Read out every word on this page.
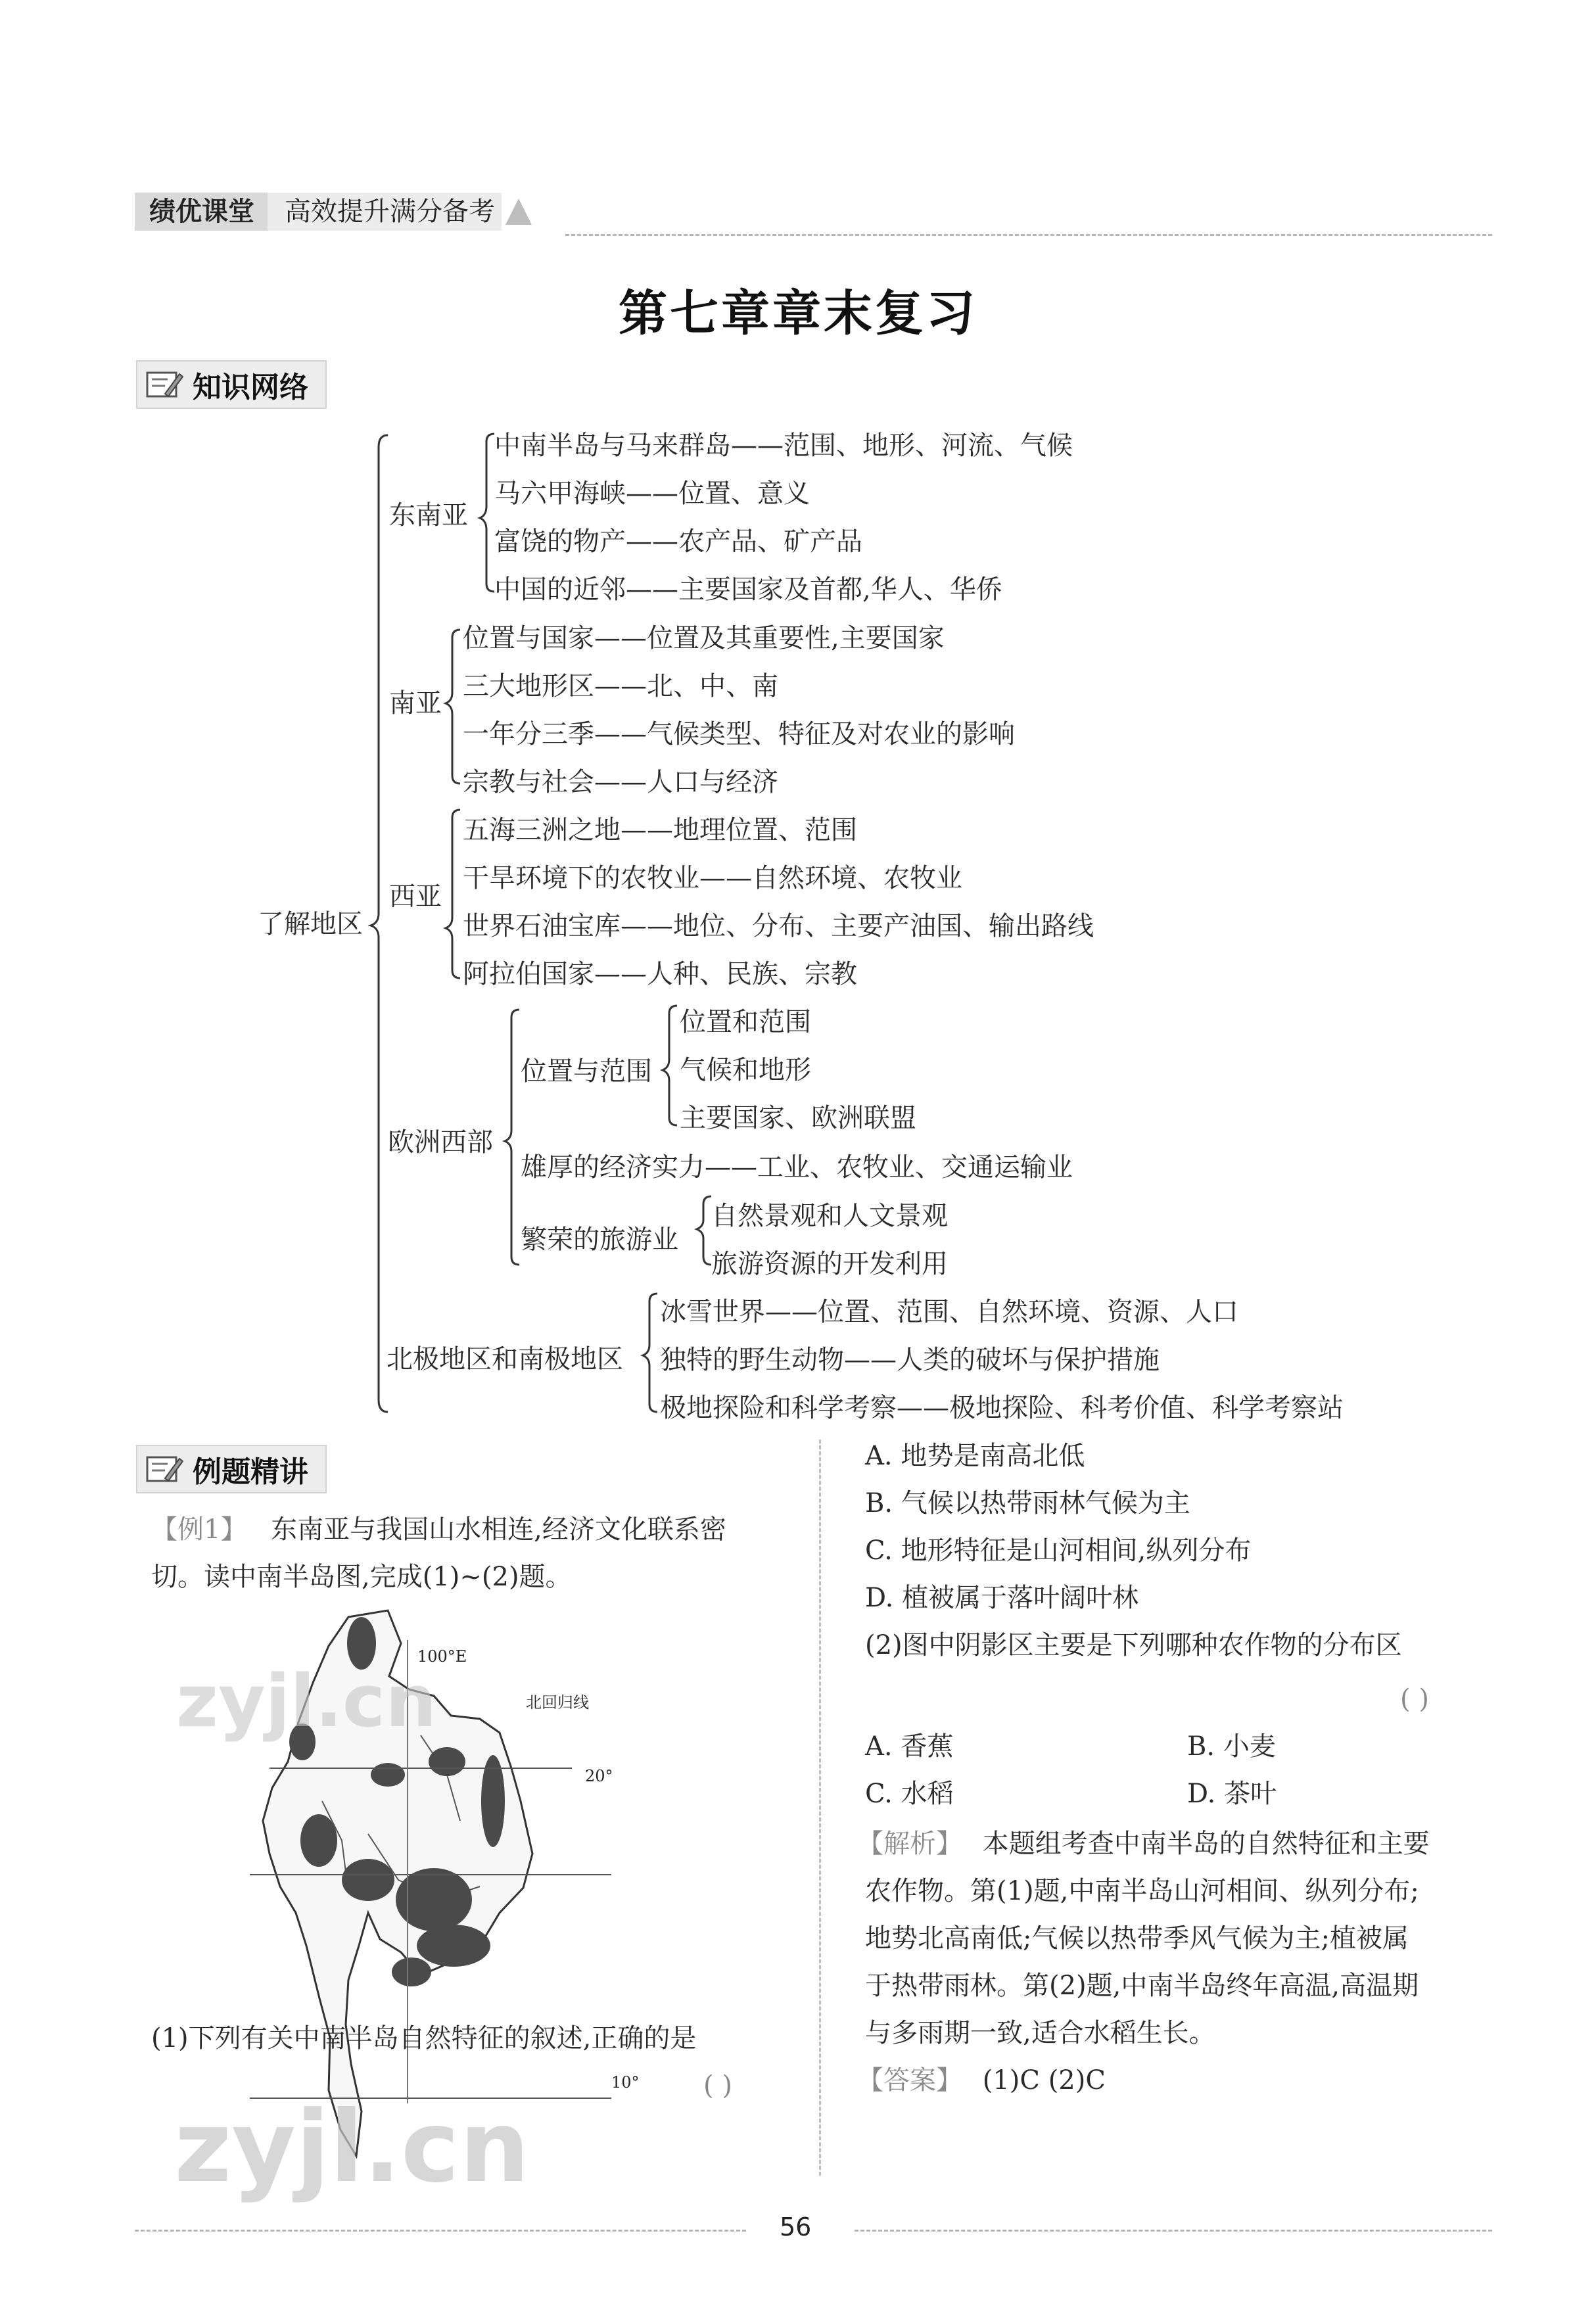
绩优课堂	高效提升满分备考
第七章章末复习
知识网络
了解地区
东南亚
中南半岛与马来群岛——范围、地形、河流、气候
马六甲海峡——位置、意义
富饶的物产——农产品、矿产品
中国的近邻——主要国家及首都,华人、华侨
南亚
位置与国家——位置及其重要性,主要国家
三大地形区——北、中、南
一年分三季——气候类型、特征及对农业的影响
宗教与社会——人口与经济
西亚
五海三洲之地——地理位置、范围
干旱环境下的农牧业——自然环境、农牧业
世界石油宝库——地位、分布、主要产油国、输出路线
阿拉伯国家——人种、民族、宗教
欧洲西部
位置与范围
位置和范围
气候和地形
主要国家、欧洲联盟
雄厚的经济实力——工业、农牧业、交通运输业
繁荣的旅游业
自然景观和人文景观
旅游资源的开发利用
北极地区和南极地区
冰雪世界——位置、范围、自然环境、资源、人口
独特的野生动物——人类的破坏与保护措施
极地探险和科学考察——极地探险、科考价值、科学考察站
例题精讲
【例1】 东南亚与我国山水相连,经济文化联系密
切。读中南半岛图,完成(1)~(2)题。
100°E
北回归线
20°
10°
(1)下列有关中南半岛自然特征的叙述,正确的是
( )
A. 地势是南高北低
B. 气候以热带雨林气候为主
C. 地形特征是山河相间,纵列分布
D. 植被属于落叶阔叶林
(2)图中阴影区主要是下列哪种农作物的分布区
( )
A. 香蕉	B. 小麦
C. 水稻	D. 茶叶
【解析】 本题组考查中南半岛的自然特征和主要
农作物。第(1)题,中南半岛山河相间、纵列分布;
地势北高南低;气候以热带季风气候为主;植被属
于热带雨林。第(2)题,中南半岛终年高温,高温期
与多雨期一致,适合水稻生长。
【答案】 (1)C (2)C
zyjl.cn
zyjl.cn
56
